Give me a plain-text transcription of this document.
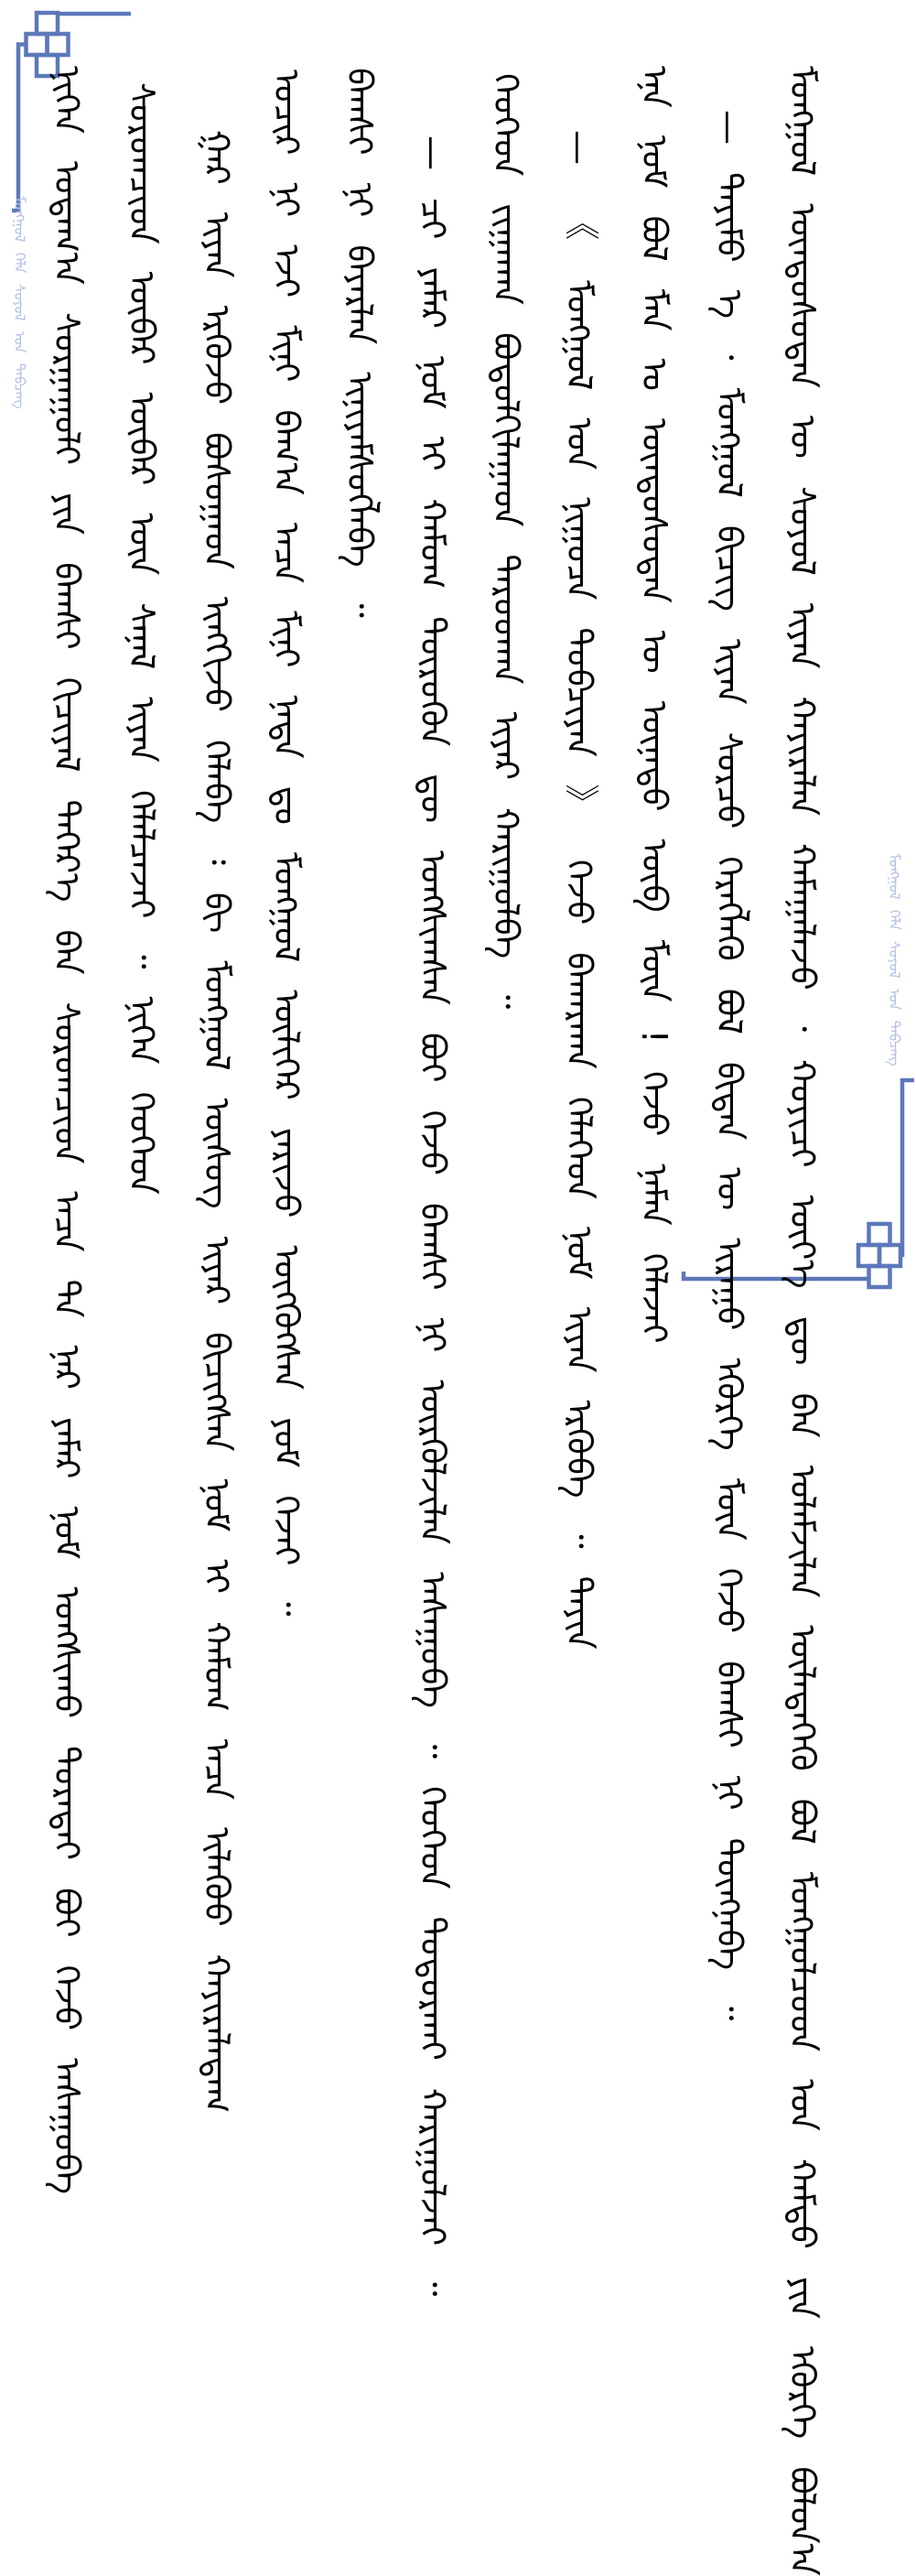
ᠮᠣᠩᠭᠣᠯ ᠬᠡᠯᠡ ᠰᠣᠶᠣᠯ ᠤᠨ ᠲᠠᠪᠴᠠᠩ
ᠮᠣᠩᠭᠣᠯ ᠬᠡᠯᠡ ᠰᠣᠶᠣᠯ ᠤᠨ ᠲᠠᠪᠴᠠᠩ
ᠨᠢᠭᠡᠨ ᠤᠳᠠᠭ᠎ᠠ ᠰᠤᠷᠭᠠᠭᠤᠯᠢ ᠶᠢᠨ ᠪᠠᠭᠰᠢ ᠬᠢᠴᠢᠶᠡᠯ ᠳᠡᠭᠡᠷ᠎ᠡ ᠪᠡᠨ ᠰᠤᠷᠤᠭᠴᠢᠳ ᠠᠴᠠ ᠲᠠ ᠨᠠᠷ ᠶᠠᠮᠠᠷ ᠨᠣᠮ ᠤᠩᠰᠢᠬᠤ ᠳᠤᠷᠠᠲᠠᠢ ᠪᠤᠢ ᠭᠡᠵᠦ ᠠᠰᠠᠭᠤᠪᠠ ᠰᠤᠷᠤᠭᠴᠢᠳ ᠥᠪᠡᠷ ᠥᠪᠡᠷ ᠦᠨ ᠰᠠᠨᠠᠯ ᠢᠶᠠᠨ ᠬᠡᠯᠡᠯᠴᠡᠵᠡᠢ ᠃ ᠨᠢᠭᠡᠨ ᠬᠡᠦᠬᠡᠳ ᠭᠠᠷ ᠢᠶᠠᠨ ᠡᠷᠭᠦᠵᠦ ᠪᠣᠰᠤᠭᠠᠳ ᠢᠩᠭᠢᠵᠦ ᠬᠡᠯᠡᠪᠡ ᠄ ᠪᠢ ᠮᠣᠩᠭᠣᠯ ᠦᠰᠦᠭ ᠢᠶᠡᠷ ᠪᠢᠴᠢᠭᠰᠡᠨ ᠨᠣᠮ ᠢ ᠬᠠᠮᠤᠭ ᠠᠴᠠ ᠢᠯᠡᠭᠦᠦ ᠬᠠᠶᠢᠷᠠᠯᠠᠳᠠᠭ ᠤᠴᠢᠷ ᠨᠢ ᠡᠵᠢ ᠮᠢᠨᠢ ᠪᠠᠭ᠎ᠠ ᠠᠴᠠ ᠮᠢᠨᠢ ᠨᠠᠳᠠ ᠳᠤ ᠮᠣᠩᠭᠣᠯ ᠦᠯᠢᠭᠡᠷ ᠶᠠᠷᠢᠵᠤ ᠥᠭᠭᠦᠭᠰᠡᠨ ᠶᠤᠮ ᠭᠡᠵᠡᠢ ᠃ ᠪᠠᠭᠰᠢ ᠨᠢ ᠪᠠᠶᠠᠷᠯᠠᠨ ᠢᠨᠢᠶᠡᠮᠰᠦᠭᠯᠡᠪᠡ ᠃ — ᠴᠢ ᠶᠠᠮᠠᠷ ᠨᠣᠮ ᠢ ᠬᠠᠮᠤᠭ ᠲᠦᠷᠦᠭᠦᠨ ᠳᠦ ᠤᠩᠰᠢᠭᠰᠠᠨ ᠪᠤᠢ ᠭᠡᠵᠦ ᠪᠠᠭᠰᠢ ᠨᠢ ᠦᠷᠭᠦᠯᠵᠢᠯᠡᠨ ᠠᠰᠠᠭᠤᠪᠠ ᠃ ᠬᠡᠦᠬᠡᠳ ᠲᠣᠳᠣᠷᠬᠠᠢ ᠬᠠᠷᠢᠭᠤᠯᠵᠠᠢ ᠃ ᠬᠡᠦᠬᠡᠳ ᠵᠢᠭᠠᠬᠠᠨ ᠪᠣᠳᠣᠯᠬᠢᠯᠠᠭᠠᠳ ᠳᠠᠷᠤᠤᠬᠠᠨ ᠢᠶᠠᠷ ᠬᠠᠷᠢᠭᠤᠯᠪᠠ ᠃ — 《 ᠮᠣᠩᠭᠣᠯ ᠤᠨ ᠨᠢᠭᠤᠴᠠ ᠲᠣᠪᠴᠢᠶᠠᠨ 》 ᠭᠡᠵᠦ ᠪᠠᠬᠠᠷᠬᠠᠨ ᠬᠡᠯᠡᠭᠡᠳ ᠨᠣᠮ ᠢᠶᠠᠨ ᠡᠷᠭᠦᠪᠡ ᠃ ᠲᠡᠶᠢᠨ ᠡᠨᠡ ᠨᠣᠮ ᠪᠣᠯ ᠮᠠᠨ ᠤ ᠦᠨᠳᠦᠰᠦᠲᠡᠨ ᠦ ᠦᠨᠡᠲᠦ ᠥᠪ ᠮᠥᠨ ! ᠭᠡᠵᠦ ᠨᠡᠮᠡᠨ ᠬᠡᠯᠡᠵᠡᠢ — ᠲᠡᠶᠢᠮᠦ ᠡ ᠂ ᠮᠣᠩᠭᠣᠯ ᠪᠢᠴᠢᠭ ᠢᠶᠡᠨ ᠰᠤᠷᠴᠤ ᠬᠡᠷᠡᠭᠯᠡᠬᠦ ᠪᠣᠯ ᠪᠢᠳᠡᠨ ᠦ ᠢᠷᠠᠭᠤ ᠡᠭᠦᠷᠭᠡ ᠮᠥᠨ ᠭᠡᠵᠦ ᠪᠠᠭᠰᠢ ᠨᠢ ᠳᠦᠩᠨᠡᠪᠡ ᠃ ᠮᠣᠩᠭᠣᠯ ᠦᠨᠳᠦᠰᠦᠲᠡᠨ ᠦ ᠰᠣᠶᠣᠯ ᠢᠶᠠᠨ ᠬᠠᠶᠢᠷᠠᠯᠠᠨ ᠬᠠᠮᠠᠭᠠᠯᠠᠵᠤ ᠂ ᠬᠣᠶᠢᠴᠢ ᠦᠶ᠎ᠡ ᠳᠦ ᠪᠡᠨ ᠤᠯᠠᠮᠵᠢᠯᠠᠨ ᠦᠯᠡᠳᠡᠭᠡᠬᠦ ᠪᠣᠯ ᠮᠣᠩᠭᠣᠯᠴᠤᠳ ᠤᠨ ᠬᠠᠮᠲᠤ ᠶᠢᠨ ᠡᠭᠦᠷᠭᠡ ᠪᠣᠯᠤᠨ᠎ᠠ
